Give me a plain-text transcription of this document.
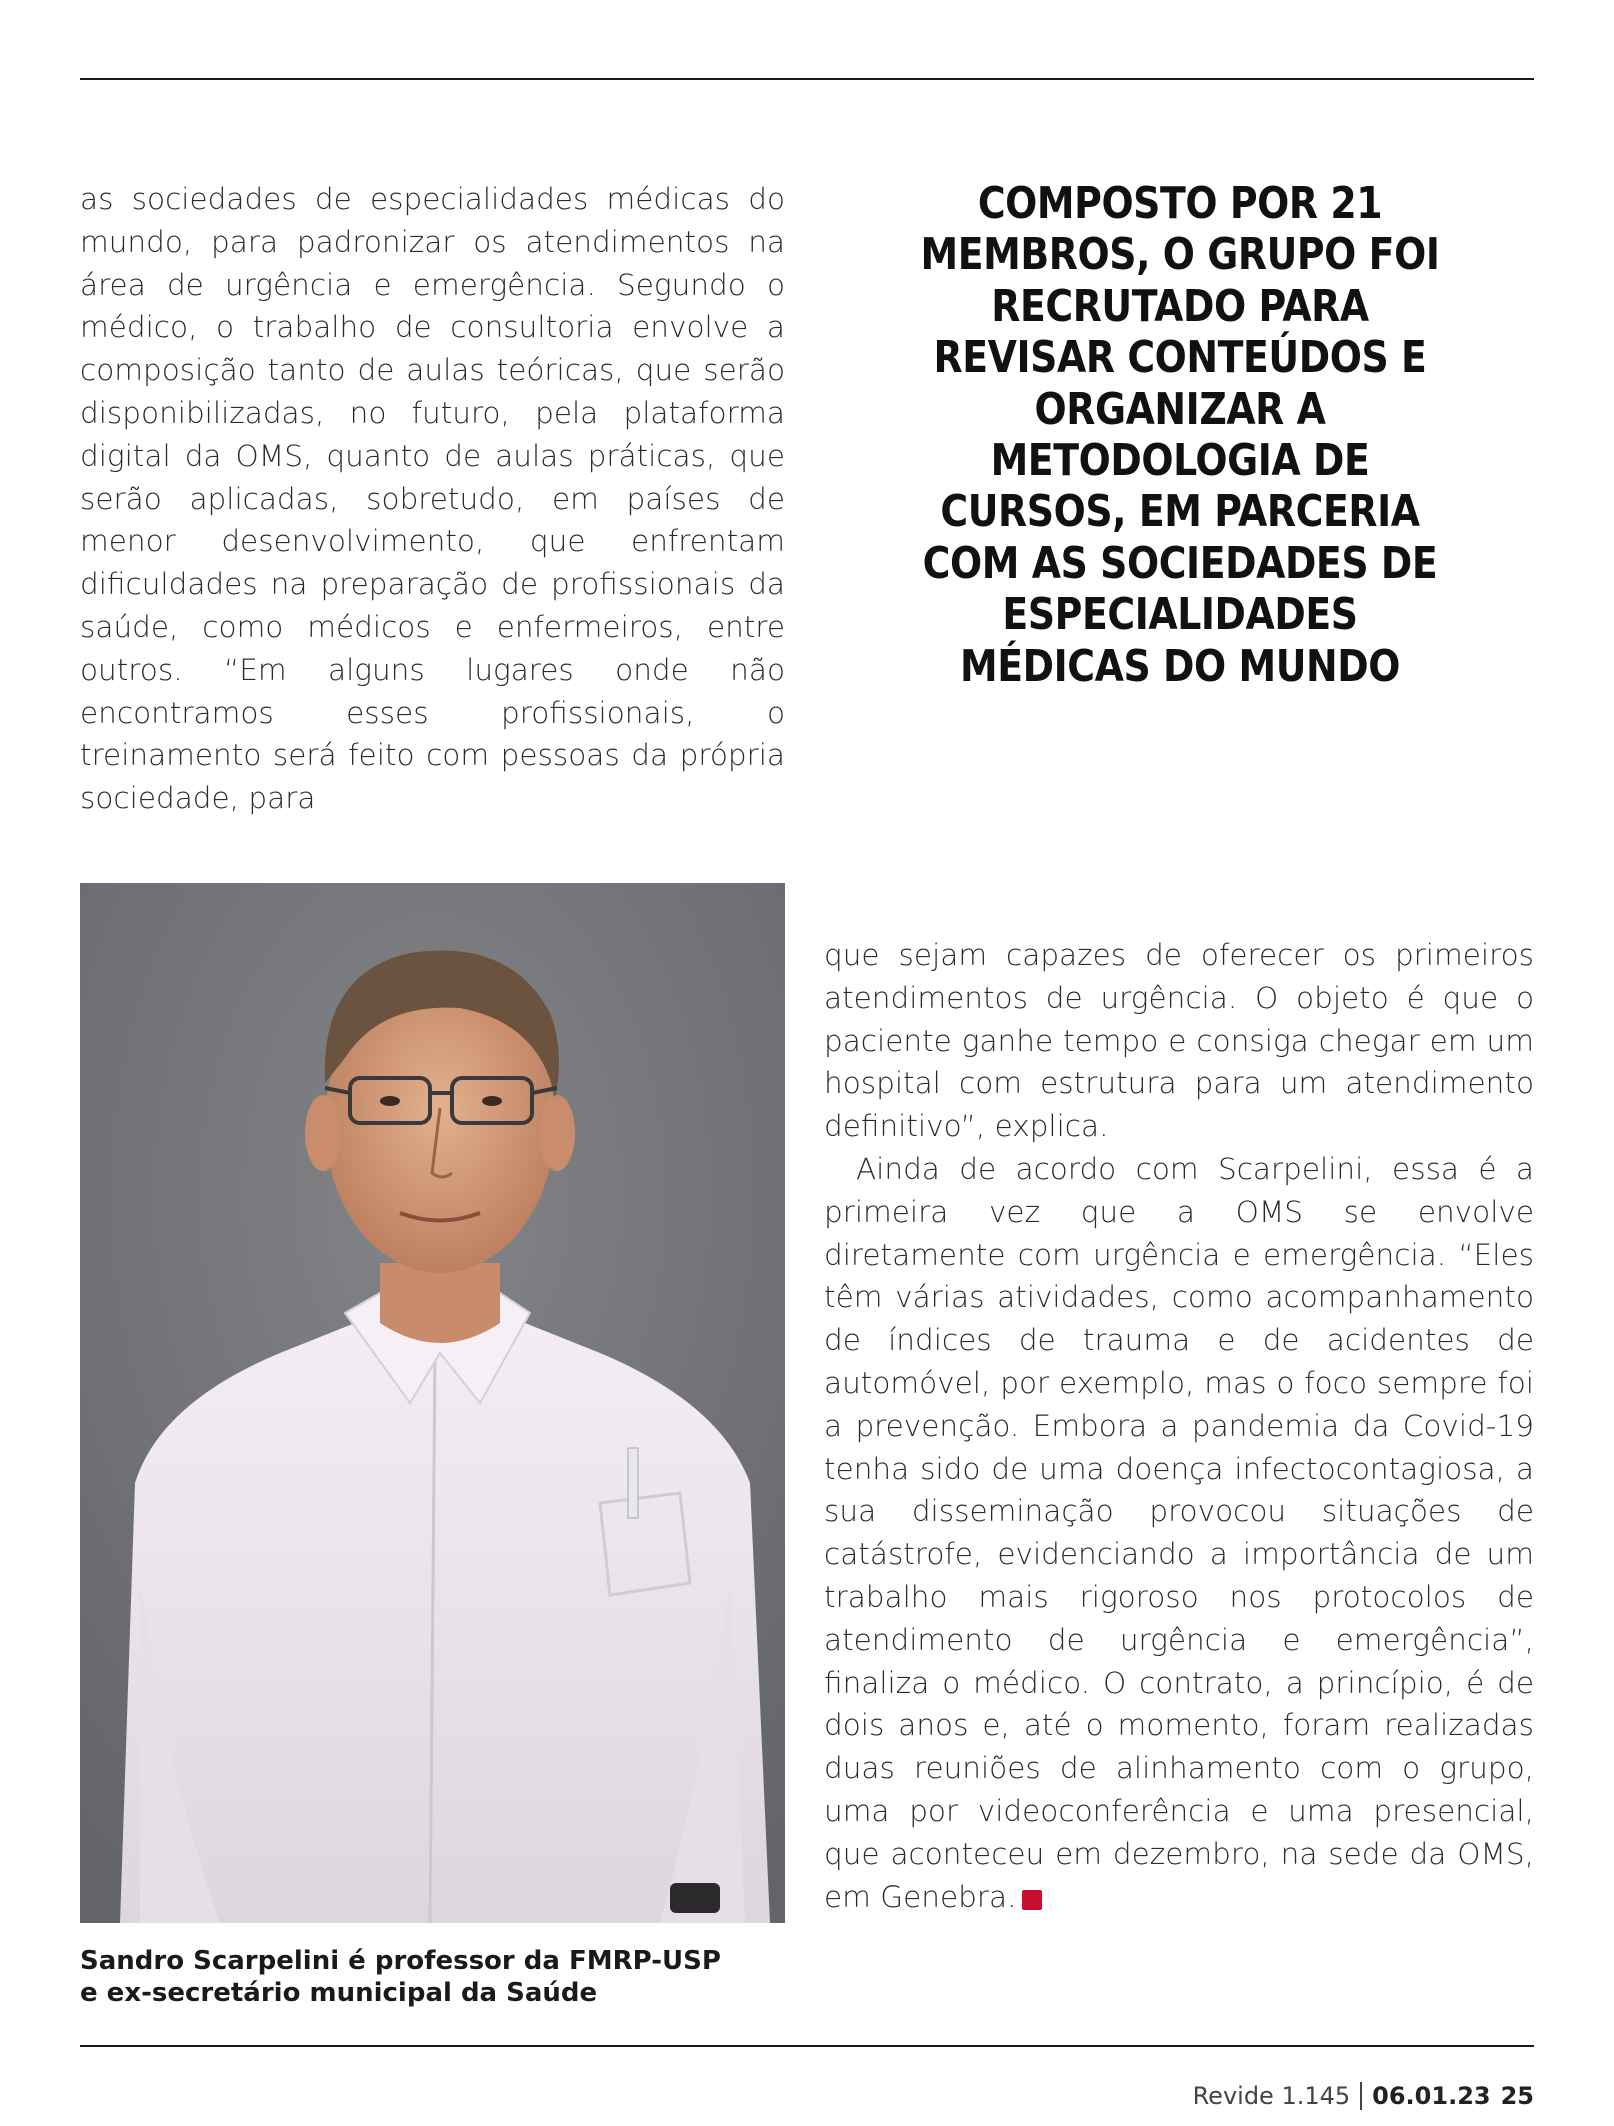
as sociedades de especialidades médicas do mundo, para padronizar os atendimentos na área de urgência e emergência. Segundo o médico, o trabalho de consultoria envolve a composição tanto de aulas teóricas, que serão disponibilizadas, no futuro, pela plataforma digital da OMS, quanto de aulas práticas, que serão aplicadas, sobretudo, em países de menor desenvolvimento, que enfrentam dificuldades na preparação de profissionais da saúde, como médicos e enfermeiros, entre outros. “Em alguns lugares onde não encontramos esses profissionais, o treinamento será feito com pessoas da própria sociedade, para

COMPOSTO POR 21 MEMBROS, O GRUPO FOI RECRUTADO PARA REVISAR CONTEÚDOS E ORGANIZAR A METODOLOGIA DE CURSOS, EM PARCERIA COM AS SOCIEDADES DE ESPECIALIDADES MÉDICAS DO MUNDO

Sandro Scarpelini é professor da FMRP-USP
e ex-secretário municipal da Saúde

que sejam capazes de oferecer os primeiros atendimentos de urgência. O objeto é que o paciente ganhe tempo e consiga chegar em um hospital com estrutura para um atendimento definitivo”, explica.

Ainda de acordo com Scarpelini, essa é a primeira vez que a OMS se envolve diretamente com urgência e emergência. “Eles têm várias atividades, como acompanhamento de índices de trauma e de acidentes de automóvel, por exemplo, mas o foco sempre foi a prevenção. Embora a pandemia da Covid-19 tenha sido de uma doença infectocontagiosa, a sua disseminação provocou situações de catástrofe, evidenciando a importância de um trabalho mais rigoroso nos protocolos de atendimento de urgência e emergência”, finaliza o médico. O contrato, a princípio, é de dois anos e, até o momento, foram realizadas duas reuniões de alinhamento com o grupo, uma por videoconferência e uma presencial, que aconteceu em dezembro, na sede da OMS, em Genebra. R

Revide 1.145 06.01.23 25
